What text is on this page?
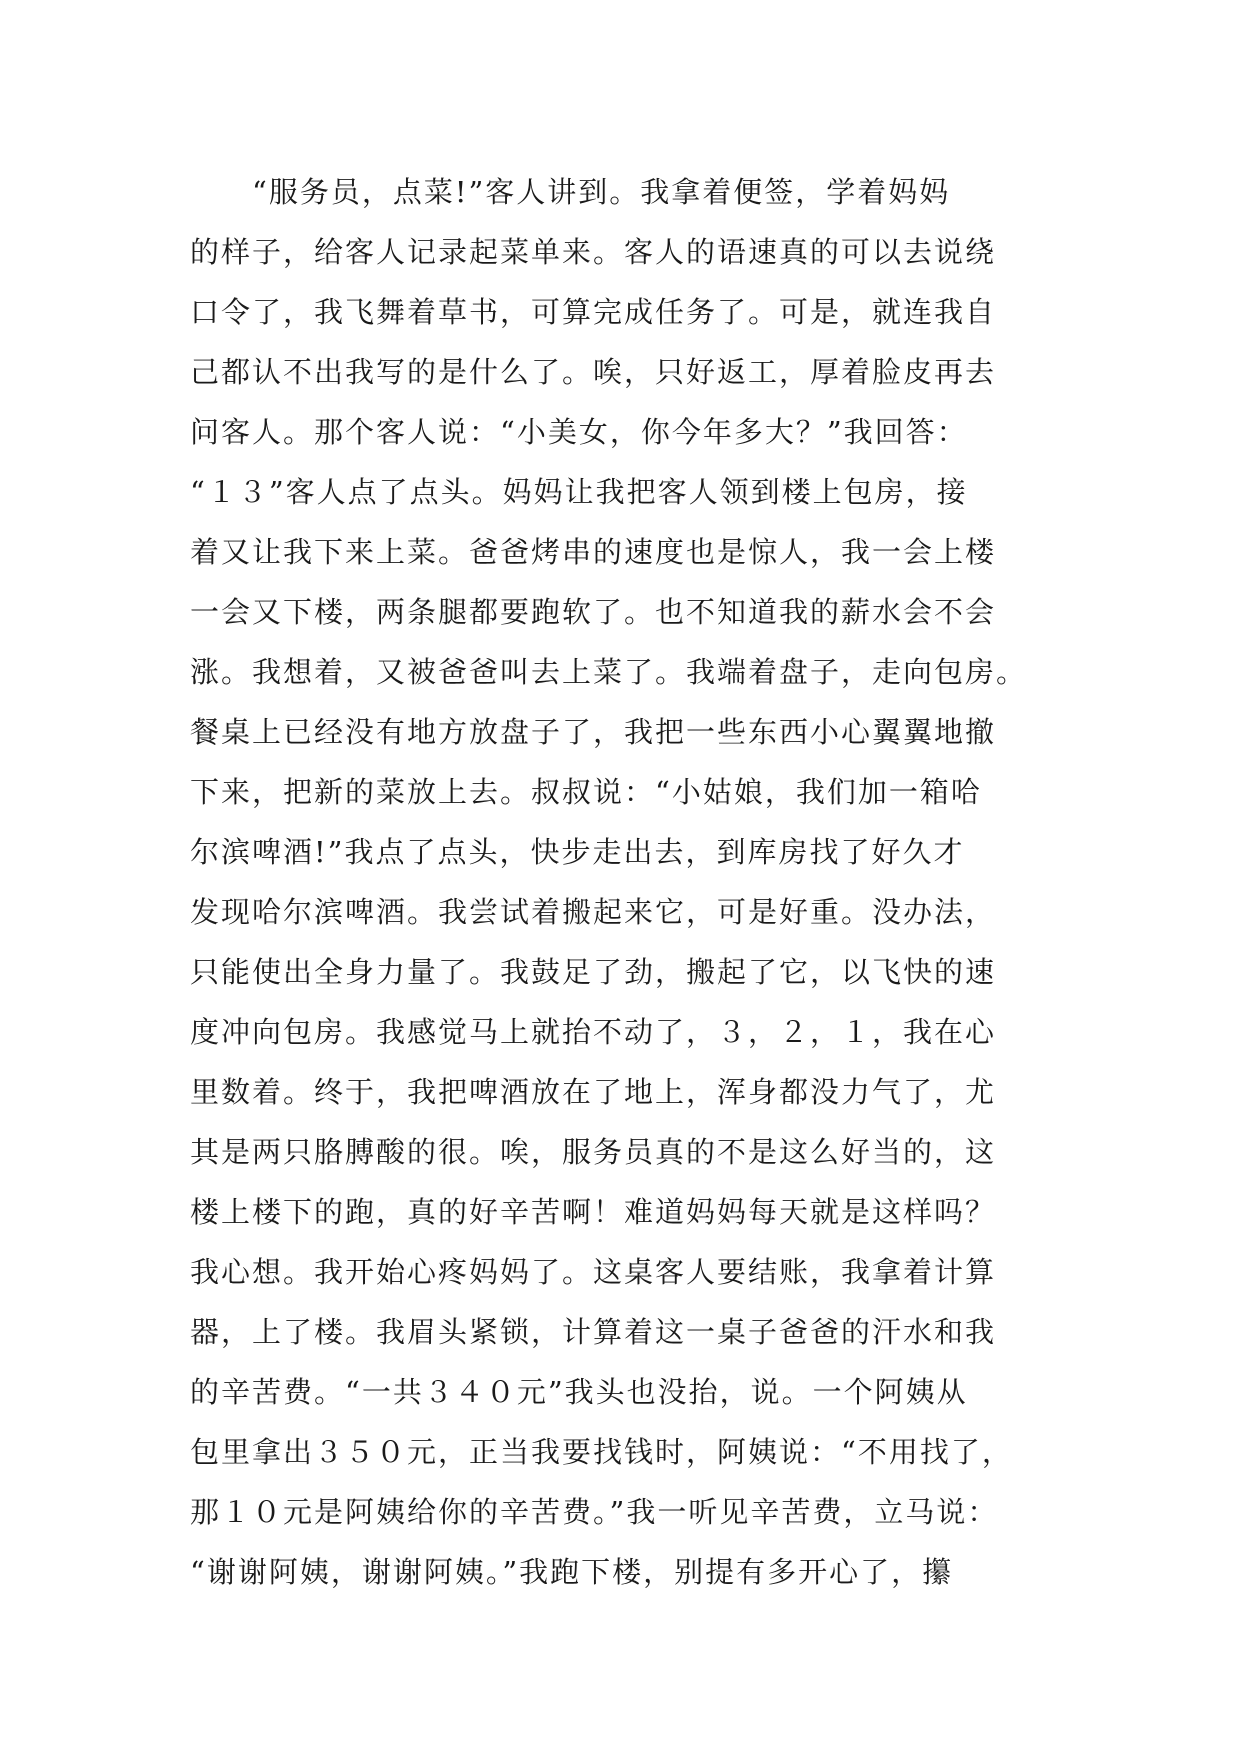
　　“服务员，点菜!”客人讲到。我拿着便签，学着妈妈
的样子，给客人记录起菜单来。客人的语速真的可以去说绕
口令了，我飞舞着草书，可算完成任务了。可是，就连我自
己都认不出我写的是什么了。唉，只好返工，厚着脸皮再去
问客人。那个客人说：“小美女，你今年多大？”我回答：
“１３”客人点了点头。妈妈让我把客人领到楼上包房，接
着又让我下来上菜。爸爸烤串的速度也是惊人，我一会上楼
一会又下楼，两条腿都要跑软了。也不知道我的薪水会不会
涨。我想着，又被爸爸叫去上菜了。我端着盘子，走向包房。
餐桌上已经没有地方放盘子了，我把一些东西小心翼翼地撤
下来，把新的菜放上去。叔叔说：“小姑娘，我们加一箱哈
尔滨啤酒!”我点了点头，快步走出去，到库房找了好久才
发现哈尔滨啤酒。我尝试着搬起来它，可是好重。没办法，
只能使出全身力量了。我鼓足了劲，搬起了它，以飞快的速
度冲向包房。我感觉马上就抬不动了，３，２，１，我在心
里数着。终于，我把啤酒放在了地上，浑身都没力气了，尤
其是两只胳膊酸的很。唉，服务员真的不是这么好当的，这
楼上楼下的跑，真的好辛苦啊！难道妈妈每天就是这样吗？
我心想。我开始心疼妈妈了。这桌客人要结账，我拿着计算
器，上了楼。我眉头紧锁，计算着这一桌子爸爸的汗水和我
的辛苦费。“一共３４０元”我头也没抬，说。一个阿姨从
包里拿出３５０元，正当我要找钱时，阿姨说：“不用找了，
那１０元是阿姨给你的辛苦费。”我一听见辛苦费，立马说：
“谢谢阿姨，谢谢阿姨。”我跑下楼，别提有多开心了，攥
